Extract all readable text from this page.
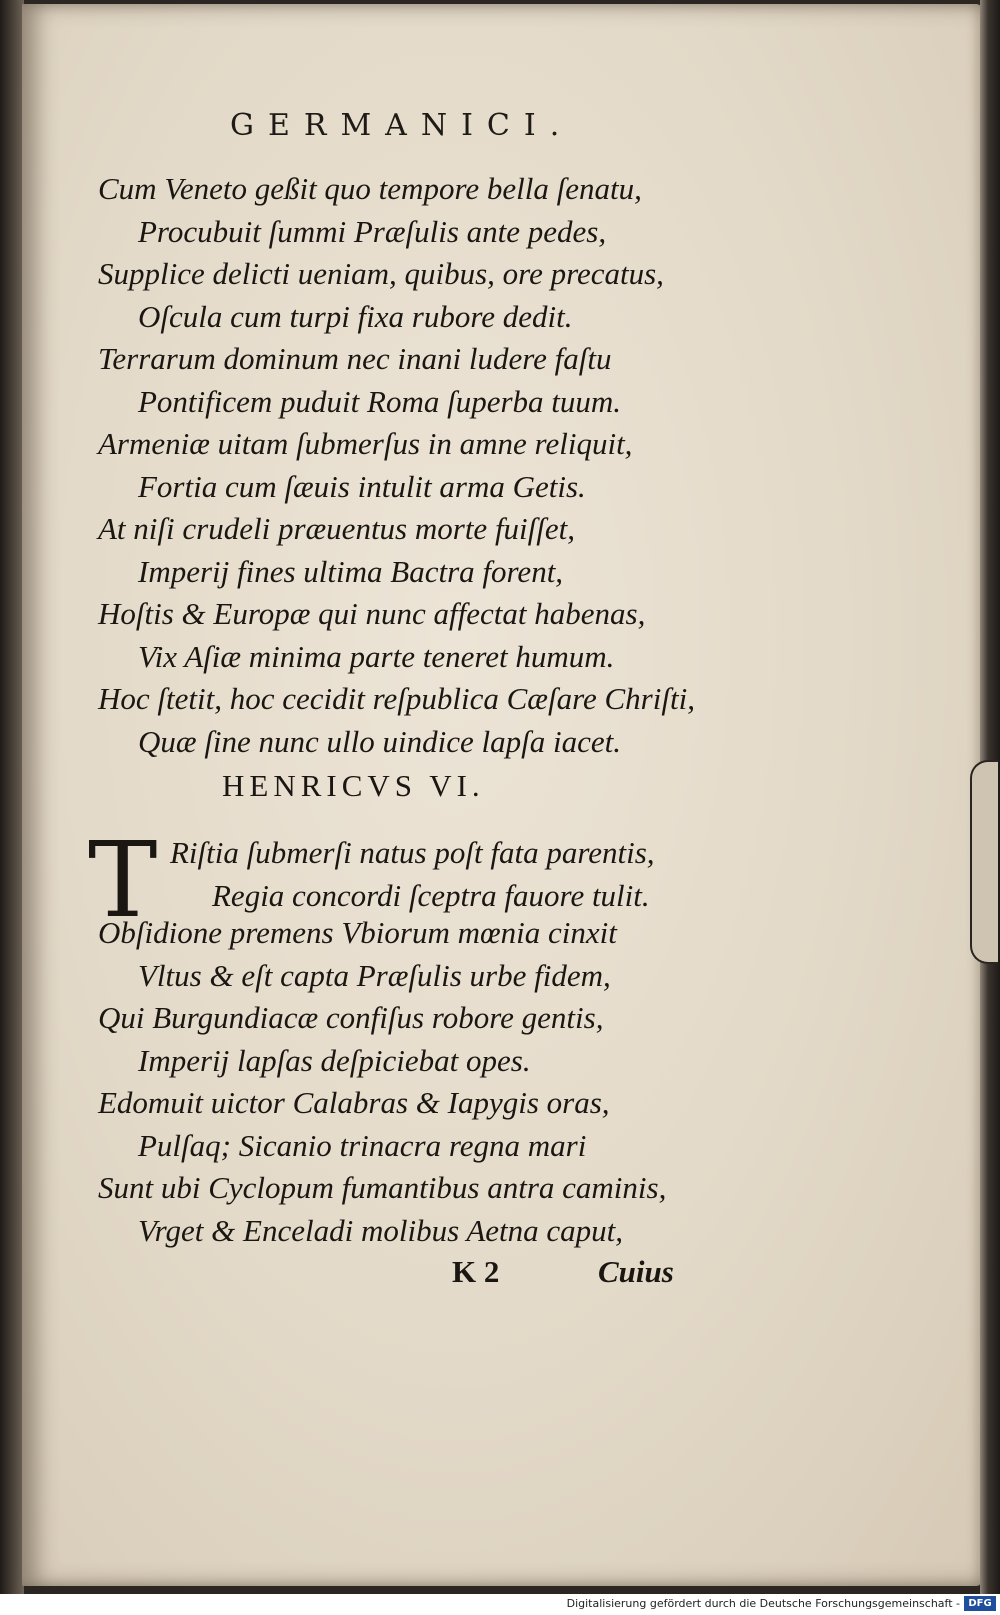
GERMANICI.
Cum Veneto geßit quo tempore bella ſenatu,
Procubuit ſummi Præſulis ante pedes,
Supplice delicti ueniam, quibus, ore precatus,
Oſcula cum turpi fixa rubore dedit.
Terrarum dominum nec inani ludere faſtu
Pontificem puduit Roma ſuperba tuum.
Armeniæ uitam ſubmerſus in amne reliquit,
Fortia cum ſæuis intulit arma Getis.
At niſi crudeli præuentus morte fuiſſet,
Imperij fines ultima Bactra forent,
Hoſtis & Europæ qui nunc affectat habenas,
Vix Aſiæ minima parte teneret humum.
Hoc ſtetit, hoc cecidit reſpublica Cæſare Chriſti,
Quæ ſine nunc ullo uindice lapſa iacet.
HENRICVS VI.
T Riſtia ſubmerſi natus poſt fata parentis,
Regia concordi ſceptra fauore tulit.
Obſidione premens Vbiorum mœnia cinxit
Vltus & eſt capta Præſulis urbe fidem,
Qui Burgundiacæ confiſus robore gentis,
Imperij lapſas deſpiciebat opes.
Edomuit uictor Calabras & Iapygis oras,
Pulſaq; Sicanio trinacra regna mari
Sunt ubi Cyclopum fumantibus antra caminis,
Vrget & Enceladi molibus Aetna caput,
K 2	Cuius
Digitalisierung gefördert durch die Deutsche Forschungsgemeinschaft - DFG
